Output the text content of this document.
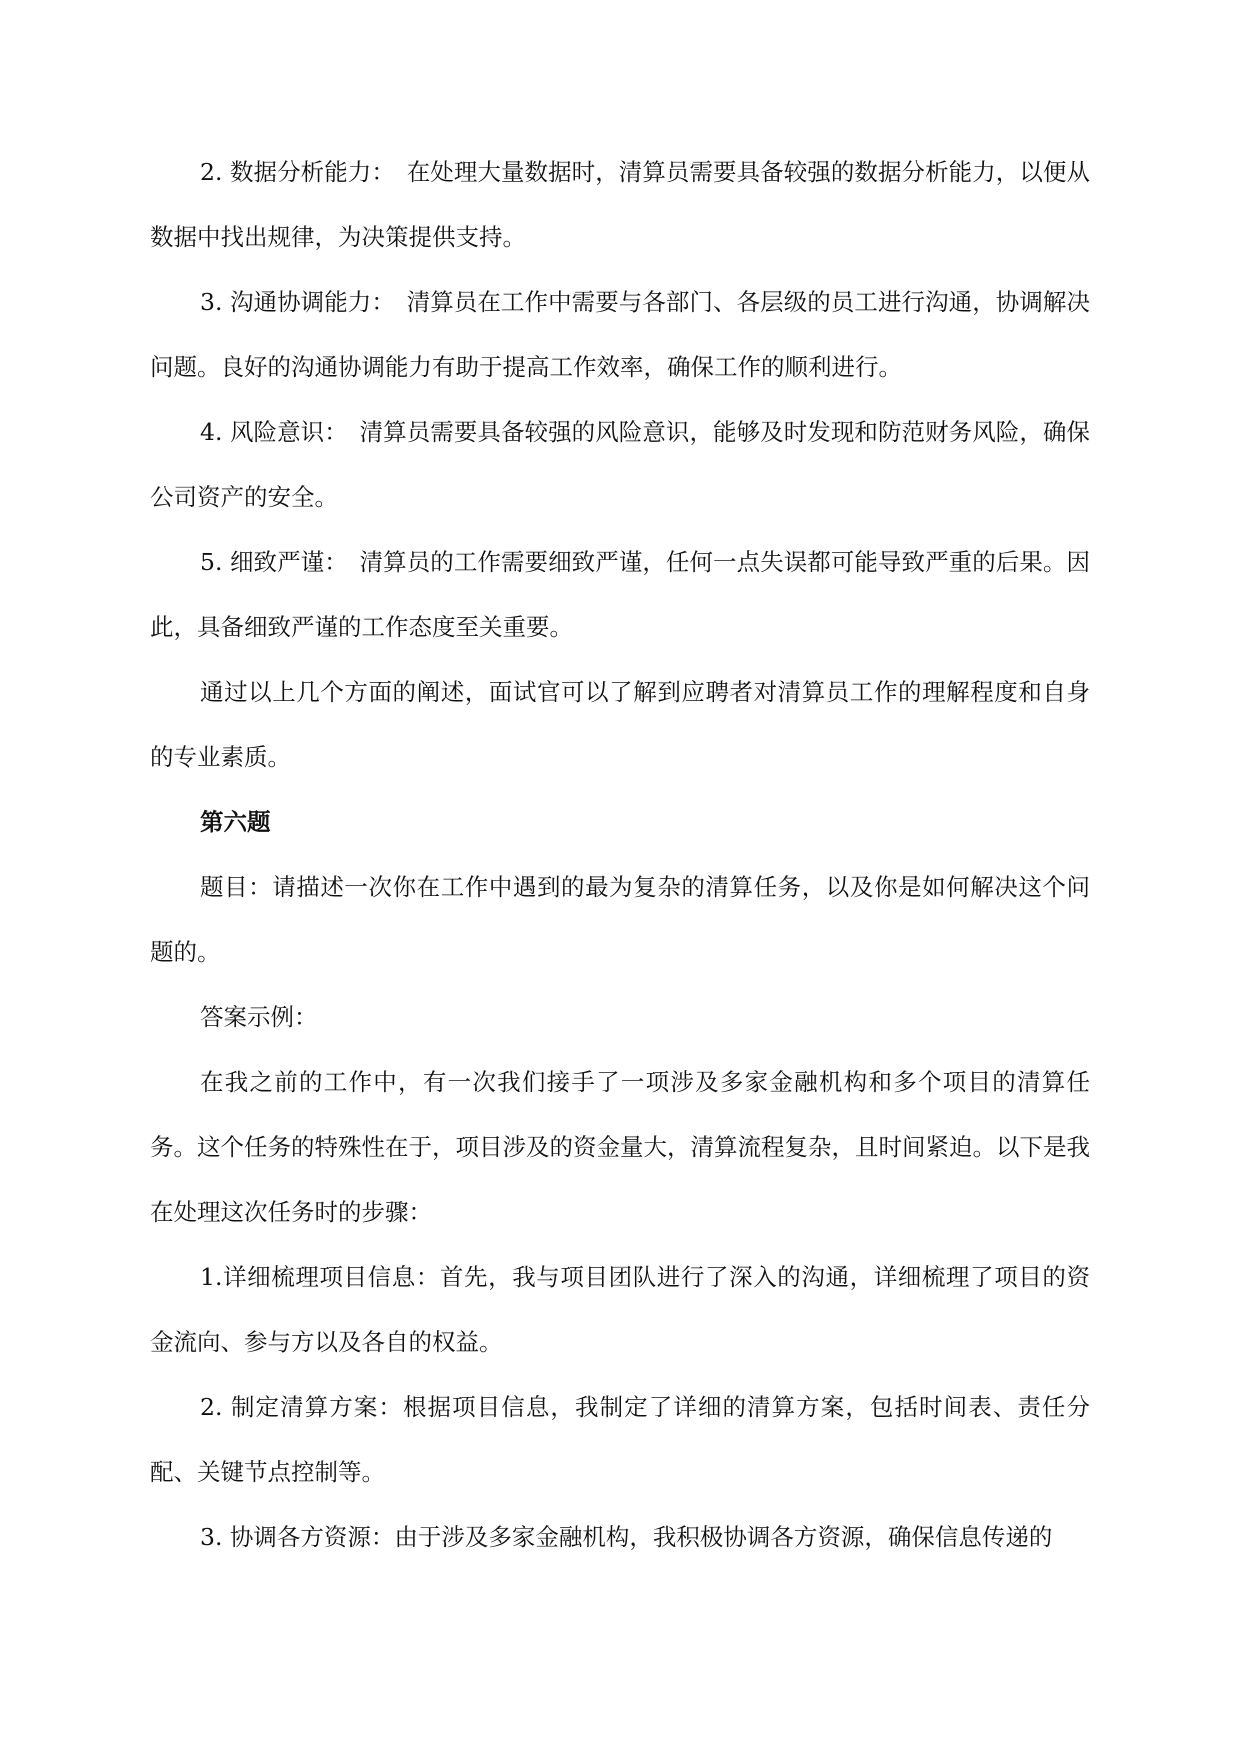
2. 数据分析能力：　在处理大量数据时，清算员需要具备较强的数据分析能力，以便从数据中找出规律，为决策提供支持。

3. 沟通协调能力：　清算员在工作中需要与各部门、各层级的员工进行沟通，协调解决问题。良好的沟通协调能力有助于提高工作效率，确保工作的顺利进行。

4. 风险意识：　清算员需要具备较强的风险意识，能够及时发现和防范财务风险，确保公司资产的安全。

5. 细致严谨：　清算员的工作需要细致严谨，任何一点失误都可能导致严重的后果。因此，具备细致严谨的工作态度至关重要。

通过以上几个方面的阐述，面试官可以了解到应聘者对清算员工作的理解程度和自身的专业素质。

第六题

题目：请描述一次你在工作中遇到的最为复杂的清算任务，以及你是如何解决这个问题的。

答案示例：

在我之前的工作中，有一次我们接手了一项涉及多家金融机构和多个项目的清算任务。这个任务的特殊性在于，项目涉及的资金量大，清算流程复杂，且时间紧迫。以下是我在处理这次任务时的步骤：

1.详细梳理项目信息：首先，我与项目团队进行了深入的沟通，详细梳理了项目的资金流向、参与方以及各自的权益。

2. 制定清算方案：根据项目信息，我制定了详细的清算方案，包括时间表、责任分配、关键节点控制等。

3. 协调各方资源：由于涉及多家金融机构，我积极协调各方资源，确保信息传递的
